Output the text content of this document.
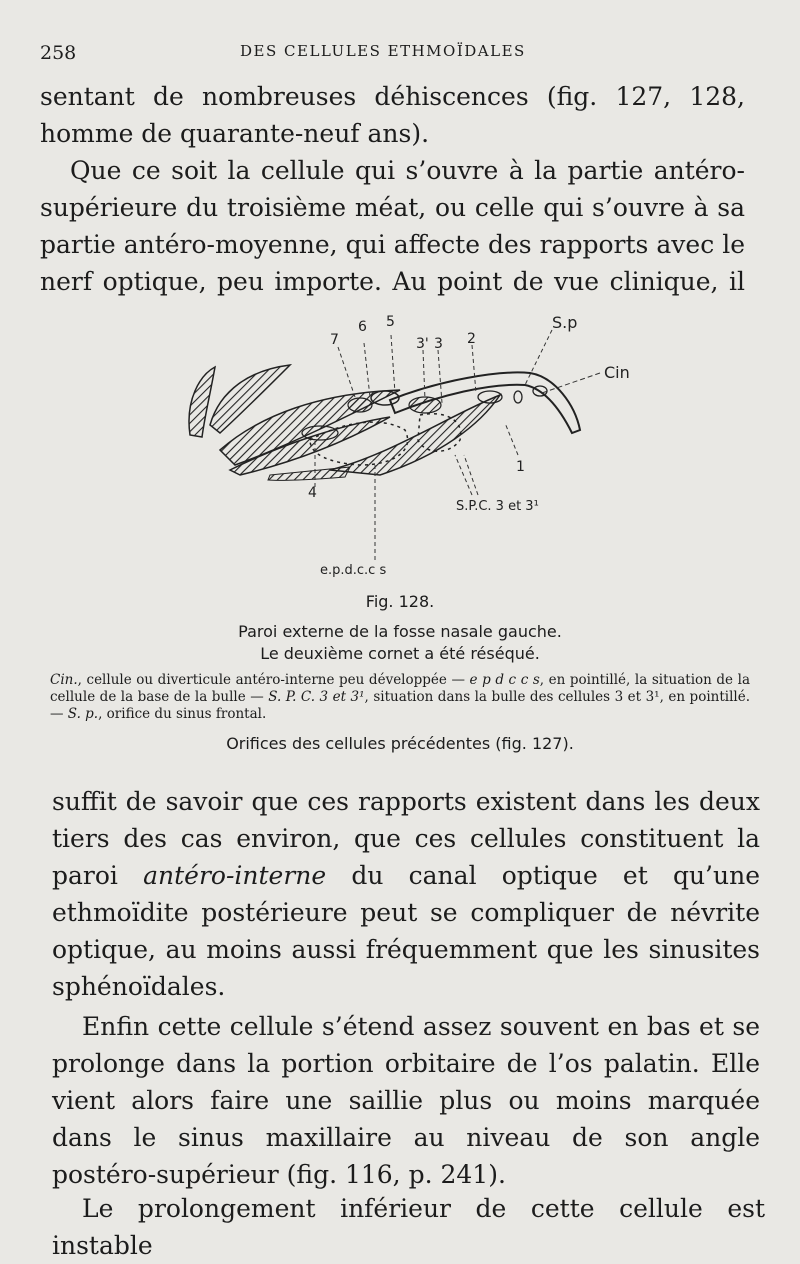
258	DES CELLULES ETHMOÏDALES

sentant de nombreuses déhiscences (fig. 127, 128, homme de quarante-neuf ans).

Que ce soit la cellule qui s’ouvre à la partie antéro-supérieure du troisième méat, ou celle qui s’ouvre à sa partie antéro-moyenne, qui affecte des rapports avec le nerf optique, peu importe. Au point de vue clinique, il

7
6 5
3' 3 2
S.p
Cin
1
4
S.P.C. 3 et 3¹
e.p.d.c.c s
Fig. 128.
Paroi externe de la fosse nasale gauche.
Le deuxième cornet a été réséqué.

Cin., cellule ou diverticule antéro-interne peu développée — e p d c c s, en pointillé, la situation de la cellule de la base de la bulle — S. P. C. 3 et 3¹, situation dans la bulle des cellules 3 et 3¹, en pointillé. — S. p., orifice du sinus frontal.

Orifices des cellules précédentes (fig. 127).

suffit de savoir que ces rapports existent dans les deux tiers des cas environ, que ces cellules constituent la paroi antéro-interne du canal optique et qu’une ethmoïdite postérieure peut se compliquer de névrite optique, au moins aussi fréquemment que les sinusites sphénoïdales.

Enfin cette cellule s’étend assez souvent en bas et se prolonge dans la portion orbitaire de l’os palatin. Elle vient alors faire une saillie plus ou moins marquée dans le sinus maxillaire au niveau de son angle postéro-supérieur (fig. 116, p. 241).

Le prolongement inférieur de cette cellule est instable
